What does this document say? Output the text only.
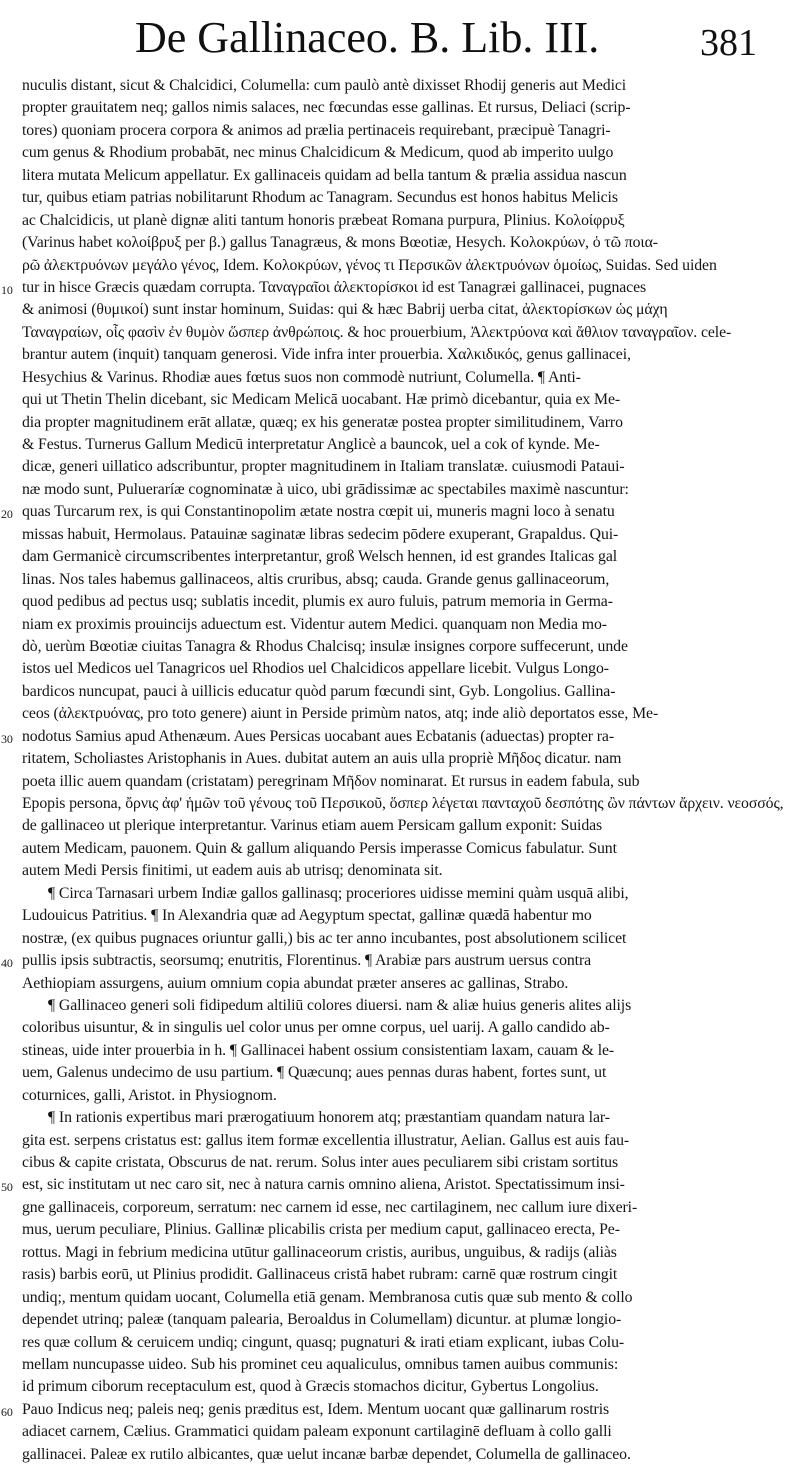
De Gallinaceo. B. Lib. III.	381
nuculis distant, sicut & Chalcidici, Columella: cum paulò antè dixisset Rhodij generis aut Medici
propter grauitatem neq; gallos nimis salaces, nec fœcundas esse gallinas. Et rursus, Deliaci (scrip-
tores) quoniam procera corpora & animos ad prælia pertinaceis requirebant, præcipuè Tanagri-
cum genus & Rhodium probabāt, nec minus Chalcidicum & Medicum, quod ab imperito uulgo
litera mutata Melicum appellatur. Ex gallinaceis quidam ad bella tantum & prælia assidua nascun
tur, quibus etiam patrias nobilitarunt Rhodum ac Tanagram. Secundus est honos habitus Melicis
ac Chalcidicis, ut planè dignæ aliti tantum honoris præbeat Romana purpura, Plinius. Κολοίφρυξ
(Varinus habet κολοίβρυξ per β.) gallus Tanagræus, & mons Bœotiæ, Hesych. Κολοκρύων, ὁ τῶ ποια-
ρῶ ἀλεκτρυόνων μεγάλο γένος, Idem. Κολοκρύων, γένος τι Περσικῶν ἀλεκτρυόνων ὁμοίως, Suidas. Sed uiden
10 tur in hisce Græcis quædam corrupta. Ταναγραῖοι ἀλεκτορίσκοι id est Tanagræi gallinacei, pugnaces
& animosi (θυμικοί) sunt instar hominum, Suidas: qui & hæc Babrij uerba citat, ἀλεκτορίσκων ὡς μάχη
Ταναγραίων, οἷς φασὶν ἐν θυμὸν ὥσπερ ἀνθρώποις. & hoc prouerbium, Ἀλεκτρύονα καὶ ἄθλιον ταναγραῖον. cele-
brantur autem (inquit) tanquam generosi. Vide infra inter prouerbia. Χαλκιδικός, genus gallinacei,
Hesychius & Varinus. Rhodiæ aues fœtus suos non commodè nutriunt, Columella. ¶ Anti-
qui ut Thetin Thelin dicebant, sic Medicam Melicā uocabant. Hæ primò dicebantur, quia ex Me-
dia propter magnitudinem erāt allatæ, quæq; ex his generatæ postea propter similitudinem, Varro
& Festus. Turnerus Gallum Medicū interpretatur Anglicè a bauncok, uel a cok of kynde. Me-
dicæ, generi uillatico adscribuntur, propter magnitudinem in Italiam translatæ. cuiusmodi Pataui-
næ modo sunt, Pulueraríæ cognominatæ à uico, ubi grādissimæ ac spectabiles maximè nascuntur:
20 quas Turcarum rex, is qui Constantinopolim ætate nostra cœpit ui, muneris magni loco à senatu
missas habuit, Hermolaus. Patauinæ saginatæ libras sedecim pōdere exuperant, Grapaldus. Qui-
dam Germanicè circumscribentes interpretantur, groß Welsch hennen, id est grandes Italicas gal
linas. Nos tales habemus gallinaceos, altis cruribus, absq; cauda. Grande genus gallinaceorum,
quod pedibus ad pectus usq; sublatis incedit, plumis ex auro fuluis, patrum memoria in Germa-
niam ex proximis prouincijs aduectum est. Videntur autem Medici. quanquam non Media mo-
dò, uerùm Bœotiæ ciuitas Tanagra & Rhodus Chalcisq; insulæ insignes corpore suffecerunt, unde
istos uel Medicos uel Tanagricos uel Rhodios uel Chalcidicos appellare licebit. Vulgus Longo-
bardicos nuncupat, pauci à uillicis educatur quòd parum fœcundi sint, Gyb. Longolius. Gallina-
ceos (ἀλεκτρυόνας, pro toto genere) aiunt in Perside primùm natos, atq; inde aliò deportatos esse, Me-
30 nodotus Samius apud Athenæum. Aues Persicas uocabant aues Ecbatanis (aduectas) propter ra-
ritatem, Scholiastes Aristophanis in Aues. dubitat autem an auis ulla propriè Μῆδος dicatur. nam
poeta illic auem quandam (cristatam) peregrinam Μῆδον nominarat. Et rursus in eadem fabula, sub
Epopis persona, ὄρνις ἀφ' ἡμῶν τοῦ γένους τοῦ Περσικοῦ, ὅσπερ λέγεται πανταχοῦ δεσπότης ὢν πάντων ἄρχειν. νεοσσός,
de gallinaceo ut plerique interpretantur. Varinus etiam auem Persicam gallum exponit: Suidas
autem Medicam, pauonem. Quin & gallum aliquando Persis imperasse Comicus fabulatur. Sunt
autem Medi Persis finitimi, ut eadem auis ab utrisq; denominata sit.
¶ Circa Tarnasari urbem Indiæ gallos gallinasq; proceriores uidisse memini quàm usquā alibi,
Ludouicus Patritius. ¶ In Alexandria quæ ad Aegyptum spectat, gallinæ quædā habentur mo
nostræ, (ex quibus pugnaces oriuntur galli,) bis ac ter anno incubantes, post absolutionem scilicet
40 pullis ipsis subtractis, seorsumq; enutritis, Florentinus. ¶ Arabiæ pars austrum uersus contra
Aethiopiam assurgens, auium omnium copia abundat præter anseres ac gallinas, Strabo.
¶ Gallinaceo generi soli fidipedum altiliū colores diuersi. nam & aliæ huius generis alites alijs
coloribus uisuntur, & in singulis uel color unus per omne corpus, uel uarij. A gallo candido ab-
stineas, uide inter prouerbia in h. ¶ Gallinacei habent ossium consistentiam laxam, cauam & le-
uem, Galenus undecimo de usu partium. ¶ Quæcunq; aues pennas duras habent, fortes sunt, ut
coturnices, galli, Aristot. in Physiognom.
¶ In rationis expertibus mari prærogatiuum honorem atq; præstantiam quandam natura lar-
gita est. serpens cristatus est: gallus item formæ excellentia illustratur, Aelian. Gallus est auis fau-
cibus & capite cristata, Obscurus de nat. rerum. Solus inter aues peculiarem sibi cristam sortitus
50 est, sic institutam ut nec caro sit, nec à natura carnis omnino aliena, Aristot. Spectatissimum insi-
gne gallinaceis, corporeum, serratum: nec carnem id esse, nec cartilaginem, nec callum iure dixeri-
mus, uerum peculiare, Plinius. Gallinæ plicabilis crista per medium caput, gallinaceo erecta, Pe-
rottus. Magi in febrium medicina utūtur gallinaceorum cristis, auribus, unguibus, & radijs (aliàs
rasis) barbis eorū, ut Plinius prodidit. Gallinaceus cristā habet rubram: carnē quæ rostrum cingit
undiq;, mentum quidam uocant, Columella etiā genam. Membranosa cutis quæ sub mento & collo
dependet utrinq; paleæ (tanquam palearia, Beroaldus in Columellam) dicuntur. at plumæ longio-
res quæ collum & ceruicem undiq; cingunt, quasq; pugnaturi & irati etiam explicant, iubas Colu-
mellam nuncupasse uideo. Sub his prominet ceu aqualiculus, omnibus tamen auibus communis:
id primum ciborum receptaculum est, quod à Græcis stomachos dicitur, Gybertus Longolius.
60 Pauo Indicus neq; paleis neq; genis præditus est, Idem. Mentum uocant quæ gallinarum rostris
adiacet carnem, Cælius. Grammatici quidam paleam exponunt cartilaginē defluam à collo galli
gallinacei. Paleæ ex rutilo albicantes, quæ uelut incanæ barbæ dependet, Columella de gallinaceo.
